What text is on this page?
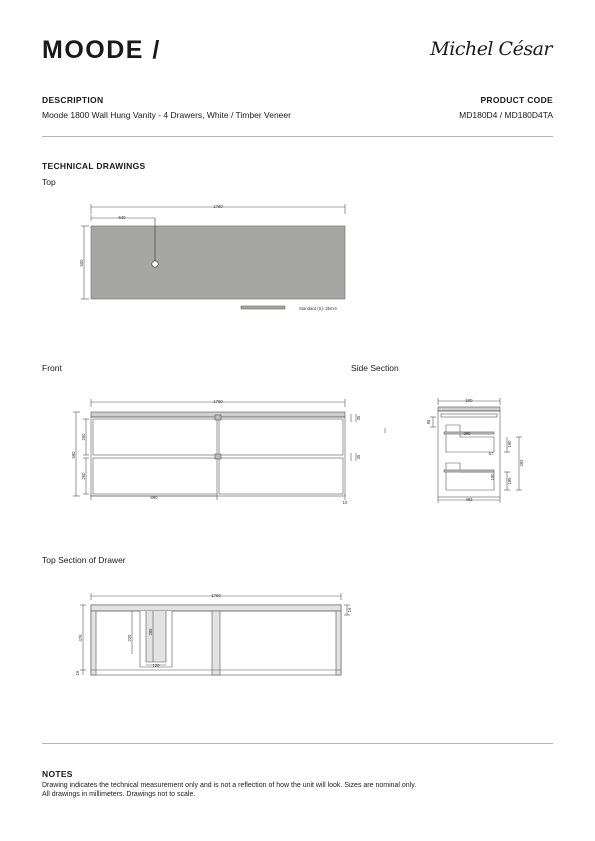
MOODE /	Michel César
DESCRIPTION
Moode 1800 Wall Hung Vanity - 4 Drawers, White / Timber Veneer
PRODUCT CODE
MD180D4 / MD180D4TA
TECHNICAL DRAWINGS
Top
Front	Side Section
Top Section of Drawer
1780
640
500
Standard (S)- 25mm
1780
590
260
260
35
35
890
10
500
95
390
67
190
492
185
190
492
1760
16
476
16
225
285
120
NOTES
Drawing indicates the technical measurement only and is not a reflection of how the unit will look. Sizes are nominal only.
All drawings in millimeters. Drawings not to scale.
